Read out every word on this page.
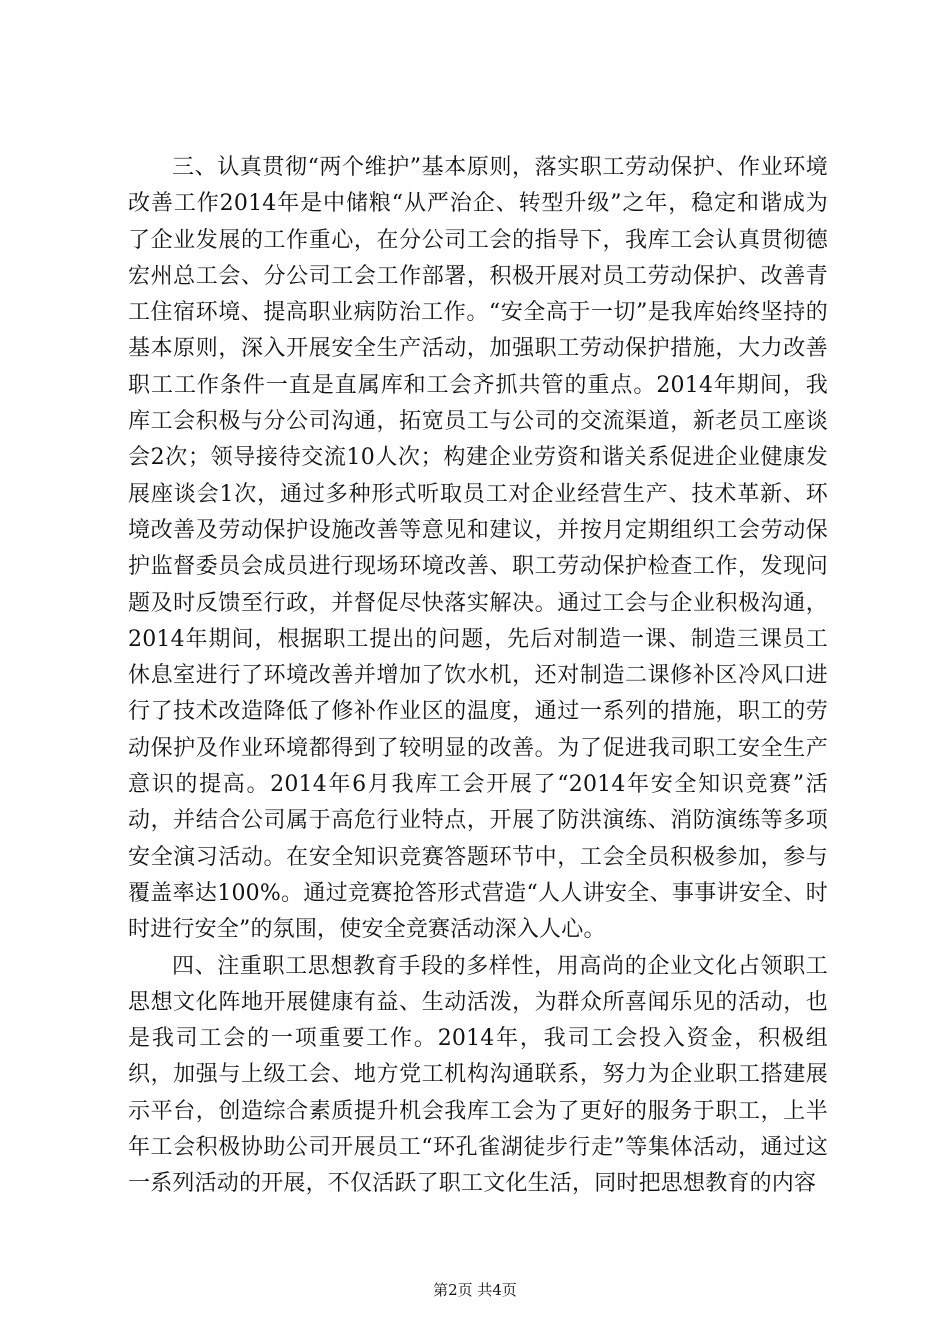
三、认真贯彻“两个维护”基本原则，落实职工劳动保护、作业环境改善工作2014年是中储粮“从严治企、转型升级”之年，稳定和谐成为了企业发展的工作重心，在分公司工会的指导下，我库工会认真贯彻德宏州总工会、分公司工会工作部署，积极开展对员工劳动保护、改善青工住宿环境、提高职业病防治工作。“安全高于一切”是我库始终坚持的基本原则，深入开展安全生产活动，加强职工劳动保护措施，大力改善职工工作条件一直是直属库和工会齐抓共管的重点。2014年期间，我库工会积极与分公司沟通，拓宽员工与公司的交流渠道，新老员工座谈会2次；领导接待交流10人次；构建企业劳资和谐关系促进企业健康发展座谈会1次，通过多种形式听取员工对企业经营生产、技术革新、环境改善及劳动保护设施改善等意见和建议，并按月定期组织工会劳动保护监督委员会成员进行现场环境改善、职工劳动保护检查工作，发现问题及时反馈至行政，并督促尽快落实解决。通过工会与企业积极沟通，2014年期间，根据职工提出的问题，先后对制造一课、制造三课员工休息室进行了环境改善并增加了饮水机，还对制造二课修补区冷风口进行了技术改造降低了修补作业区的温度，通过一系列的措施，职工的劳动保护及作业环境都得到了较明显的改善。为了促进我司职工安全生产意识的提高。2014年6月我库工会开展了“2014年安全知识竞赛”活动，并结合公司属于高危行业特点，开展了防洪演练、消防演练等多项安全演习活动。在安全知识竞赛答题环节中，工会全员积极参加，参与覆盖率达100%。通过竞赛抢答形式营造“人人讲安全、事事讲安全、时时进行安全”的氛围，使安全竞赛活动深入人心。

四、注重职工思想教育手段的多样性，用高尚的企业文化占领职工思想文化阵地开展健康有益、生动活泼，为群众所喜闻乐见的活动，也是我司工会的一项重要工作。2014年，我司工会投入资金，积极组织，加强与上级工会、地方党工机构沟通联系，努力为企业职工搭建展示平台，创造综合素质提升机会我库工会为了更好的服务于职工，上半年工会积极协助公司开展员工“环孔雀湖徒步行走”等集体活动，通过这一系列活动的开展，不仅活跃了职工文化生活，同时把思想教育的内容

第2页 共4页
